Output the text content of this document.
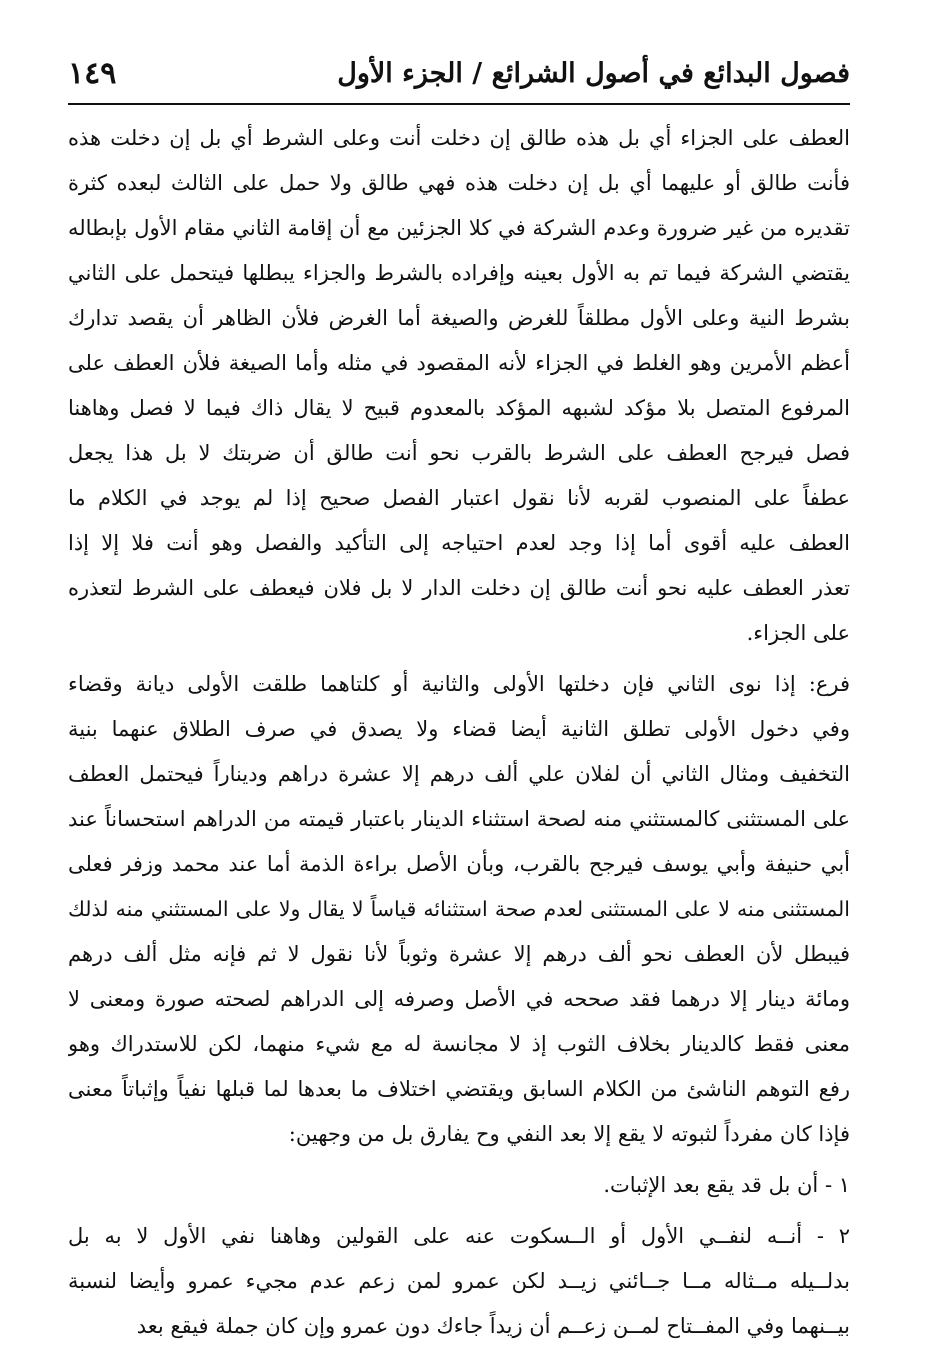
فصول البدائع في أصول الشرائع / الجزء الأول
١٤٩
العطف على الجزاء أي بل هذه طالق إن دخلت أنت وعلى الشرط أي بل إن دخلت هذه
فأنت طالق أو عليهما أي بل إن دخلت هذه فهي طالق ولا حمل على الثالث لبعده كثرة
تقديره من غير ضرورة وعدم الشركة في كلا الجزئين مع أن إقامة الثاني مقام الأول بإبطاله
يقتضي الشركة فيما تم به الأول بعينه وإفراده بالشرط والجزاء يبطلها فيتحمل على الثاني
بشرط النية وعلى الأول مطلقاً للغرض والصيغة أما الغرض فلأن الظاهر أن يقصد تدارك
أعظم الأمرين وهو الغلط في الجزاء لأنه المقصود في مثله وأما الصيغة فلأن العطف على
المرفوع المتصل بلا مؤكد لشبهه المؤكد بالمعدوم قبيح لا يقال ذاك فيما لا فصل وهاهنا
فصل فيرجح العطف على الشرط بالقرب نحو أنت طالق أن ضربتك لا بل هذا يجعل
عطفاً على المنصوب لقربه لأنا نقول اعتبار الفصل صحيح إذا لم يوجد في الكلام ما
العطف عليه أقوى أما إذا وجد لعدم احتياجه إلى التأكيد والفصل وهو أنت فلا إلا إذا
تعذر العطف عليه نحو أنت طالق إن دخلت الدار لا بل فلان فيعطف على الشرط لتعذره
على الجزاء.
فرع: إذا نوى الثاني فإن دخلتها الأولى والثانية أو كلتاهما طلقت الأولى ديانة وقضاء
وفي دخول الأولى تطلق الثانية أيضا قضاء ولا يصدق في صرف الطلاق عنهما بنية
التخفيف ومثال الثاني أن لفلان علي ألف درهم إلا عشرة دراهم وديناراً فيحتمل العطف
على المستثنى كالمستثني منه لصحة استثناء الدينار باعتبار قيمته من الدراهم استحساناً عند
أبي حنيفة وأبي يوسف فيرجح بالقرب، وبأن الأصل براءة الذمة أما عند محمد وزفر فعلى
المستثنى منه لا على المستثنى لعدم صحة استثنائه قياساً لا يقال ولا على المستثني منه لذلك
فيبطل لأن العطف نحو ألف درهم إلا عشرة وثوباً لأنا نقول لا ثم فإنه مثل ألف درهم
ومائة دينار إلا درهما فقد صححه في الأصل وصرفه إلى الدراهم لصحته صورة ومعنى لا
معنى فقط كالدينار بخلاف الثوب إذ لا مجانسة له مع شيء منهما، لكن للاستدراك وهو
رفع التوهم الناشئ من الكلام السابق ويقتضي اختلاف ما بعدها لما قبلها نفياً وإثباتاً معنى
فإذا كان مفرداً لثبوته لا يقع إلا بعد النفي وح يفارق بل من وجهين:
١ - أن بل قد يقع بعد الإثبات.
٢ - أنــه لنفــي الأول أو الــسكوت عنه على القولين وهاهنا نفي الأول لا به بل
بدلــيله مــثاله مــا جــائني زيــد لكن عمرو لمن زعم عدم مجيء عمرو وأيضا لنسبة
بيــنهما وفي المفــتاح لمــن زعــم أن زيداً جاءك دون عمرو وإن كان جملة فيقع بعد
